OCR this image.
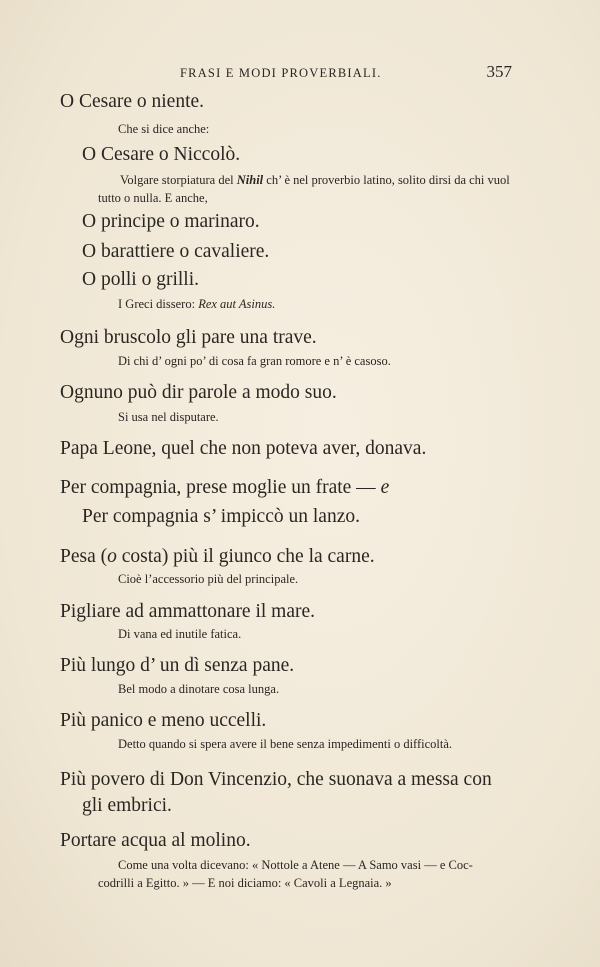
FRASI E MODI PROVERBIALI.	357
O Cesare o niente.
Che si dice anche:
O Cesare o Niccolò.
Volgare storpiatura del Nihil ch’ è nel proverbio latino, solito dirsi da chi vuol tutto o nulla. E anche,
O principe o marinaro.
O barattiere o cavaliere.
O polli o grilli.
I Greci dissero: Rex aut Asinus.
Ogni bruscolo gli pare una trave.
Di chi d’ ogni po’ di cosa fa gran romore e n’ è casoso.
Ognuno può dir parole a modo suo.
Si usa nel disputare.
Papa Leone, quel che non poteva aver, donava.
Per compagnia, prese moglie un frate — e
Per compagnia s’ impiccò un lanzo.
Pesa (o costa) più il giunco che la carne.
Cioè l’accessorio più del principale.
Pigliare ad ammattonare il mare.
Di vana ed inutile fatica.
Più lungo d’ un dì senza pane.
Bel modo a dinotare cosa lunga.
Più panico e meno uccelli.
Detto quando si spera avere il bene senza impedimenti o difficoltà.
Più povero di Don Vincenzio, che suonava a messa con
gli embrici.
Portare acqua al molino.
Come una volta dicevano: « Nottole a Atene — A Samo vasi — e Coc-
codrilli a Egitto. » — E noi diciamo: « Cavoli a Legnaia. »
